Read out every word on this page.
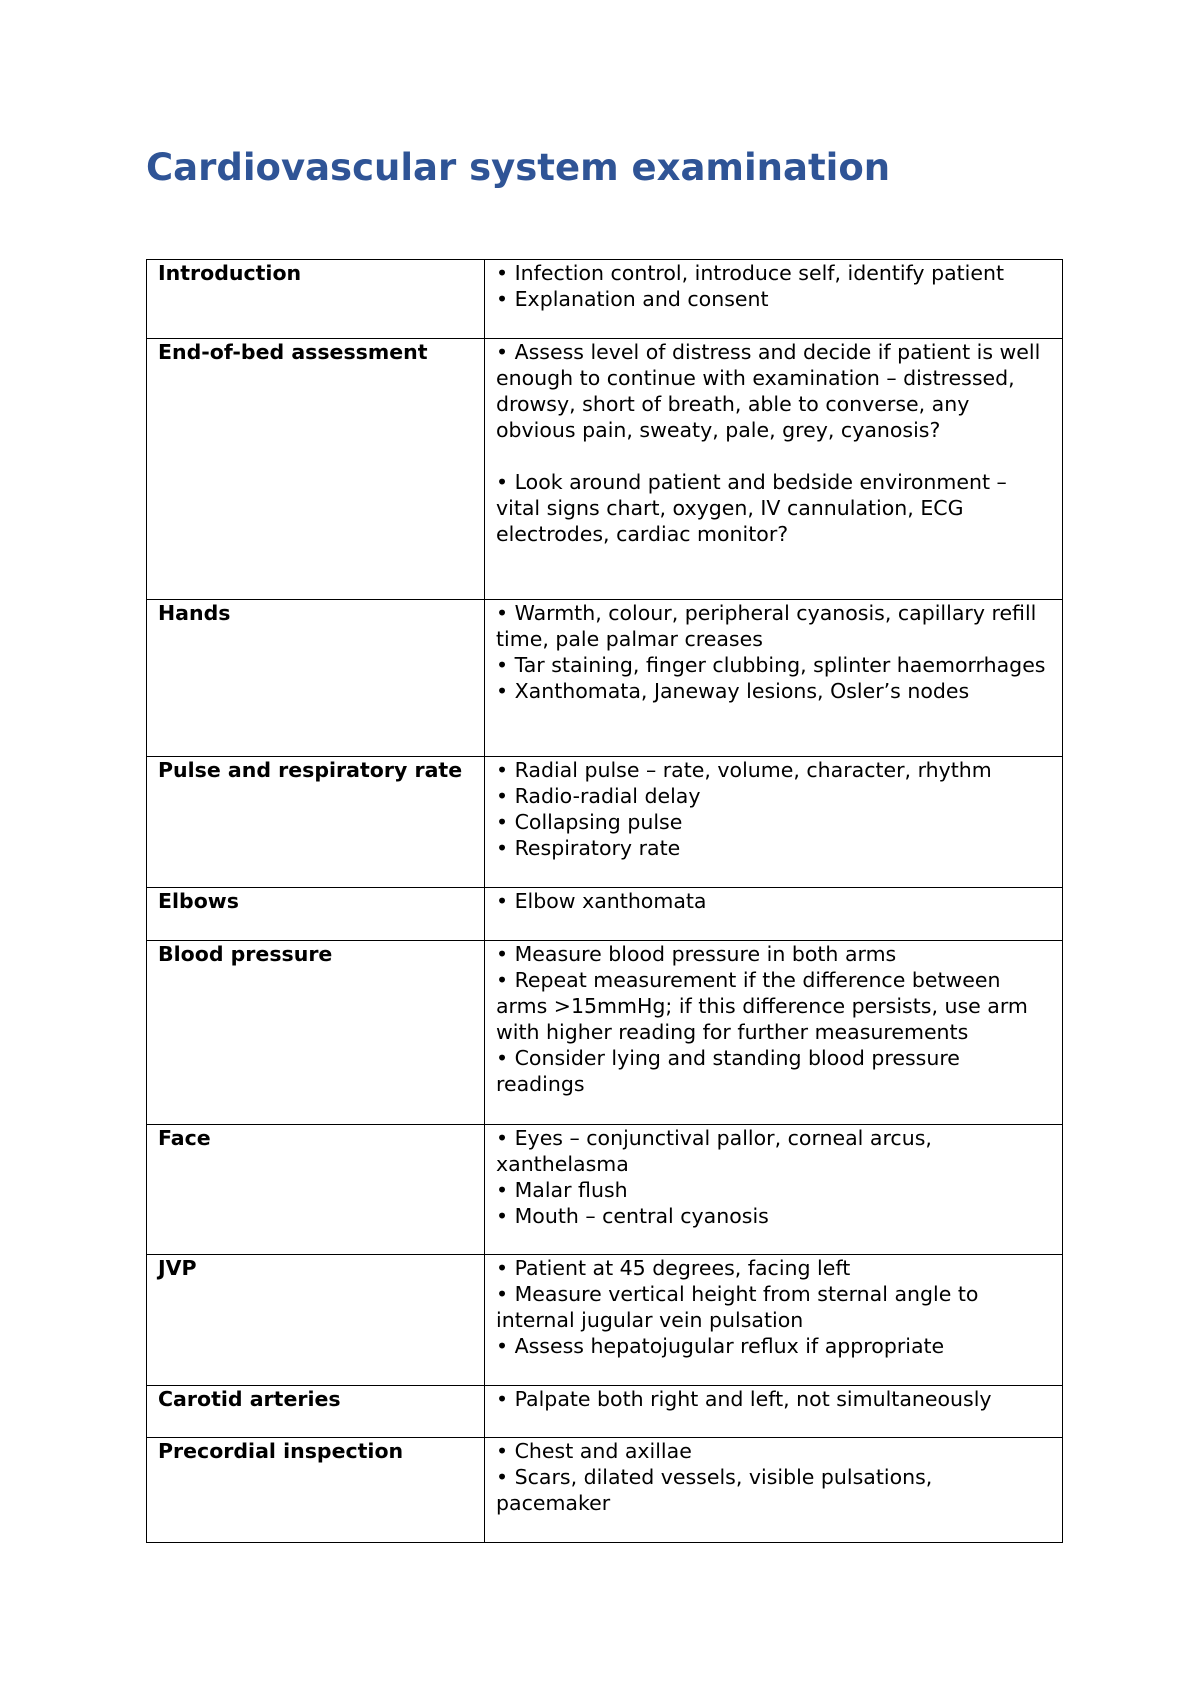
Cardiovascular system examination
Introduction	• Infection control, introduce self, identify patient
• Explanation and consent

End-of-bed assessment	• Assess level of distress and decide if patient is well enough to continue with examination – distressed, drowsy, short of breath, able to converse, any obvious pain, sweaty, pale, grey, cyanosis?
• Look around patient and bedside environment – vital signs chart, oxygen, IV cannulation, ECG electrodes, cardiac monitor?

Hands	• Warmth, colour, peripheral cyanosis, capillary refill time, pale palmar creases
• Tar staining, finger clubbing, splinter haemorrhages
• Xanthomata, Janeway lesions, Osler’s nodes

Pulse and respiratory rate	• Radial pulse – rate, volume, character, rhythm
• Radio-radial delay
• Collapsing pulse
• Respiratory rate

Elbows	• Elbow xanthomata

Blood pressure	• Measure blood pressure in both arms
• Repeat measurement if the difference between arms >15mmHg; if this difference persists, use arm with higher reading for further measurements
• Consider lying and standing blood pressure readings

Face	• Eyes – conjunctival pallor, corneal arcus, xanthelasma
• Malar flush
• Mouth – central cyanosis

JVP	• Patient at 45 degrees, facing left
• Measure vertical height from sternal angle to internal jugular vein pulsation
• Assess hepatojugular reflux if appropriate

Carotid arteries	• Palpate both right and left, not simultaneously

Precordial inspection	• Chest and axillae
• Scars, dilated vessels, visible pulsations, pacemaker
